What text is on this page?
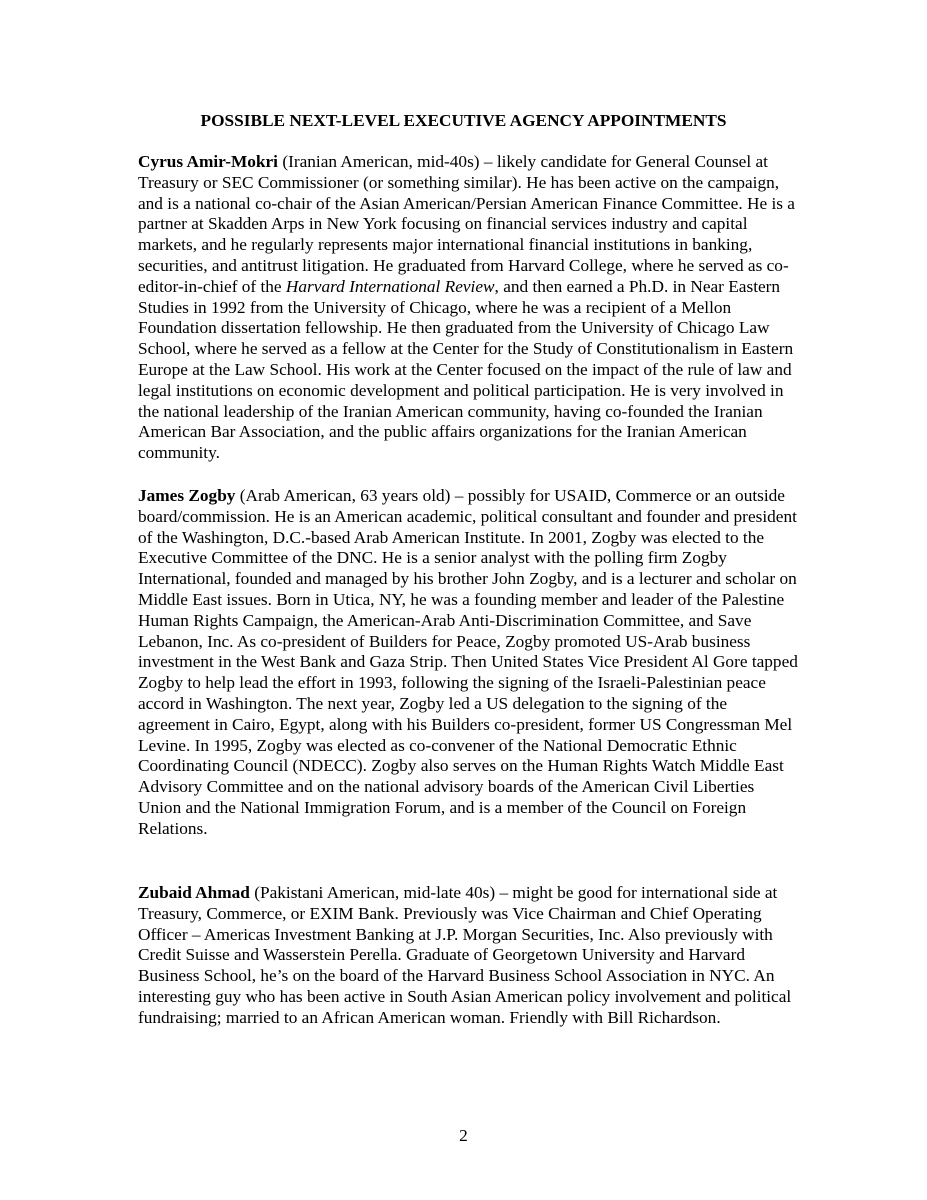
POSSIBLE NEXT-LEVEL EXECUTIVE AGENCY APPOINTMENTS

Cyrus Amir-Mokri (Iranian American, mid-40s) – likely candidate for General Counsel at Treasury or SEC Commissioner (or something similar). He has been active on the campaign, and is a national co-chair of the Asian American/Persian American Finance Committee. He is a partner at Skadden Arps in New York focusing on financial services industry and capital markets, and he regularly represents major international financial institutions in banking, securities, and antitrust litigation. He graduated from Harvard College, where he served as co-editor-in-chief of the Harvard International Review, and then earned a Ph.D. in Near Eastern Studies in 1992 from the University of Chicago, where he was a recipient of a Mellon Foundation dissertation fellowship. He then graduated from the University of Chicago Law School, where he served as a fellow at the Center for the Study of Constitutionalism in Eastern Europe at the Law School. His work at the Center focused on the impact of the rule of law and legal institutions on economic development and political participation. He is very involved in the national leadership of the Iranian American community, having co-founded the Iranian American Bar Association, and the public affairs organizations for the Iranian American community.

James Zogby (Arab American, 63 years old) – possibly for USAID, Commerce or an outside board/commission. He is an American academic, political consultant and founder and president of the Washington, D.C.-based Arab American Institute. In 2001, Zogby was elected to the Executive Committee of the DNC. He is a senior analyst with the polling firm Zogby International, founded and managed by his brother John Zogby, and is a lecturer and scholar on Middle East issues. Born in Utica, NY, he was a founding member and leader of the Palestine Human Rights Campaign, the American-Arab Anti-Discrimination Committee, and Save Lebanon, Inc. As co-president of Builders for Peace, Zogby promoted US-Arab business investment in the West Bank and Gaza Strip. Then United States Vice President Al Gore tapped Zogby to help lead the effort in 1993, following the signing of the Israeli-Palestinian peace accord in Washington. The next year, Zogby led a US delegation to the signing of the agreement in Cairo, Egypt, along with his Builders co-president, former US Congressman Mel Levine. In 1995, Zogby was elected as co-convener of the National Democratic Ethnic Coordinating Council (NDECC). Zogby also serves on the Human Rights Watch Middle East Advisory Committee and on the national advisory boards of the American Civil Liberties Union and the National Immigration Forum, and is a member of the Council on Foreign Relations.

Zubaid Ahmad (Pakistani American, mid-late 40s) – might be good for international side at Treasury, Commerce, or EXIM Bank. Previously was Vice Chairman and Chief Operating Officer – Americas Investment Banking at J.P. Morgan Securities, Inc. Also previously with Credit Suisse and Wasserstein Perella. Graduate of Georgetown University and Harvard Business School, he’s on the board of the Harvard Business School Association in NYC. An interesting guy who has been active in South Asian American policy involvement and political fundraising; married to an African American woman. Friendly with Bill Richardson.

2
